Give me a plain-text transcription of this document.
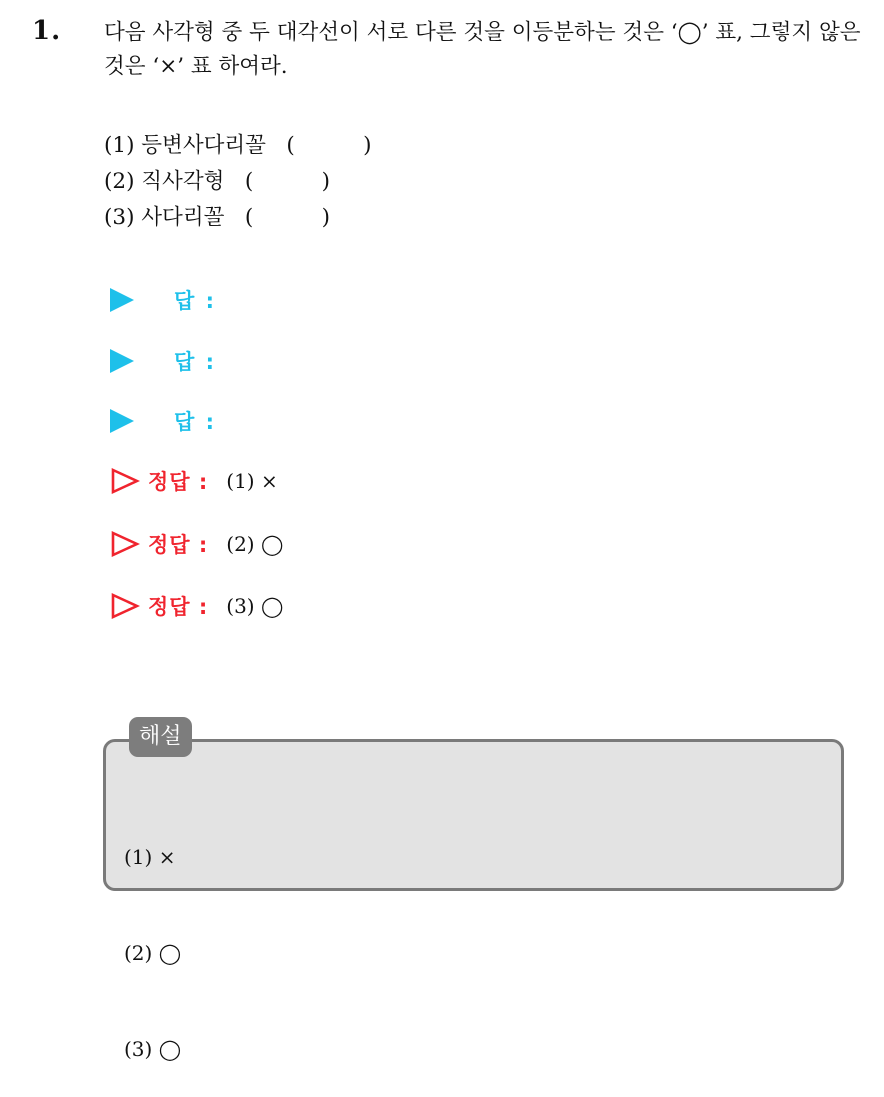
1. 다음 사각형 중 두 대각선이 서로 다른 것을 이등분하는 것은 ‘◯’ 표, 그렇지 않은 것은 ‘×’ 표 하여라.
(1) 등변사다리꼴   (          )
(2) 직사각형   (          )
(3) 사다리꼴   (          )
답 :
답 :
답 :
정답 : (1) ×
정답 : (2) ◯
정답 : (3) ◯
해설

(1) ×

(2) ◯

(3) ◯
